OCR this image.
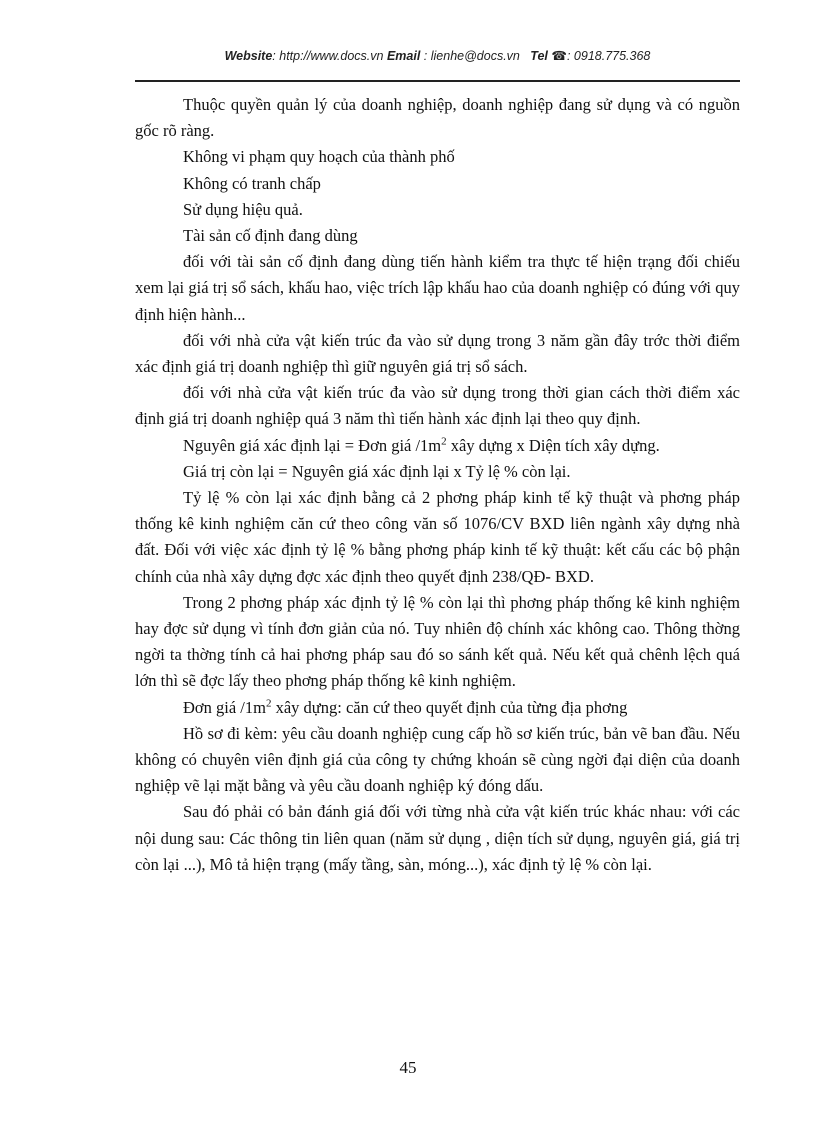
Website: http://www.docs.vn Email : lienhe@docs.vn Tel ☎: 0918.775.368

Thuộc quyền quản lý của doanh nghiệp, doanh nghiệp đang sử dụng và có nguồn gốc rõ ràng.

Không vi phạm quy hoạch của thành phố

Không có tranh chấp

Sử dụng hiệu quả.

Tài sản cố định đang dùng

đối với tài sản cố định đang dùng tiến hành kiểm tra thực tế hiện trạng đối chiếu xem lại giá trị sổ sách, khấu hao, việc trích lập khấu hao của doanh nghiệp có đúng với quy định hiện hành...

đối với nhà cửa vật kiến trúc đa vào sử dụng trong 3 năm gần đây trớc thời điểm xác định giá trị doanh nghiệp thì giữ nguyên giá trị sổ sách.

đối với nhà cửa vật kiến trúc đa vào sử dụng trong thời gian cách thời điểm xác định giá trị doanh nghiệp quá 3 năm thì tiến hành xác định lại theo quy định.

Nguyên giá xác định lại = Đơn giá $/1m^2$ xây dựng x Diện tích xây dựng.

Giá trị còn lại = Nguyên giá xác định lại x Tỷ lệ % còn lại.

Tỷ lệ % còn lại xác định bằng cả 2 phơng pháp kinh tế kỹ thuật và phơng pháp thống kê kinh nghiệm căn cứ theo công văn số 1076/CV BXD liên ngành xây dựng nhà đất. Đối với việc xác định tỷ lệ % bằng phơng pháp kinh tế kỹ thuật: kết cấu các bộ phận chính của nhà xây dựng đợc xác định theo quyết định 238/QĐ- BXD.

Trong 2 phơng pháp xác định tỷ lệ % còn lại thì phơng pháp thống kê kinh nghiệm hay đợc sử dụng vì tính đơn giản của nó. Tuy nhiên độ chính xác không cao. Thông thờng ngời ta thờng tính cả hai phơng pháp sau đó so sánh kết quả. Nếu kết quả chênh lệch quá lớn thì sẽ đợc lấy theo phơng pháp thống kê kinh nghiệm.

Đơn giá $/1m^2$ xây dựng: căn cứ theo quyết định của từng địa phơng

Hồ sơ đi kèm: yêu cầu doanh nghiệp cung cấp hồ sơ kiến trúc, bản vẽ ban đầu. Nếu không có chuyên viên định giá của công ty chứng khoán sẽ cùng ngời đại diện của doanh nghiệp vẽ lại mặt bằng và yêu cầu doanh nghiệp ký đóng dấu.

Sau đó phải có bản đánh giá đối với từng nhà cửa vật kiến trúc khác nhau: với các nội dung sau: Các thông tin liên quan (năm sử dụng , diện tích sử dụng, nguyên giá, giá trị còn lại ...), Mô tả hiện trạng (mấy tầng, sàn, móng...), xác định tỷ lệ % còn lại.

45
